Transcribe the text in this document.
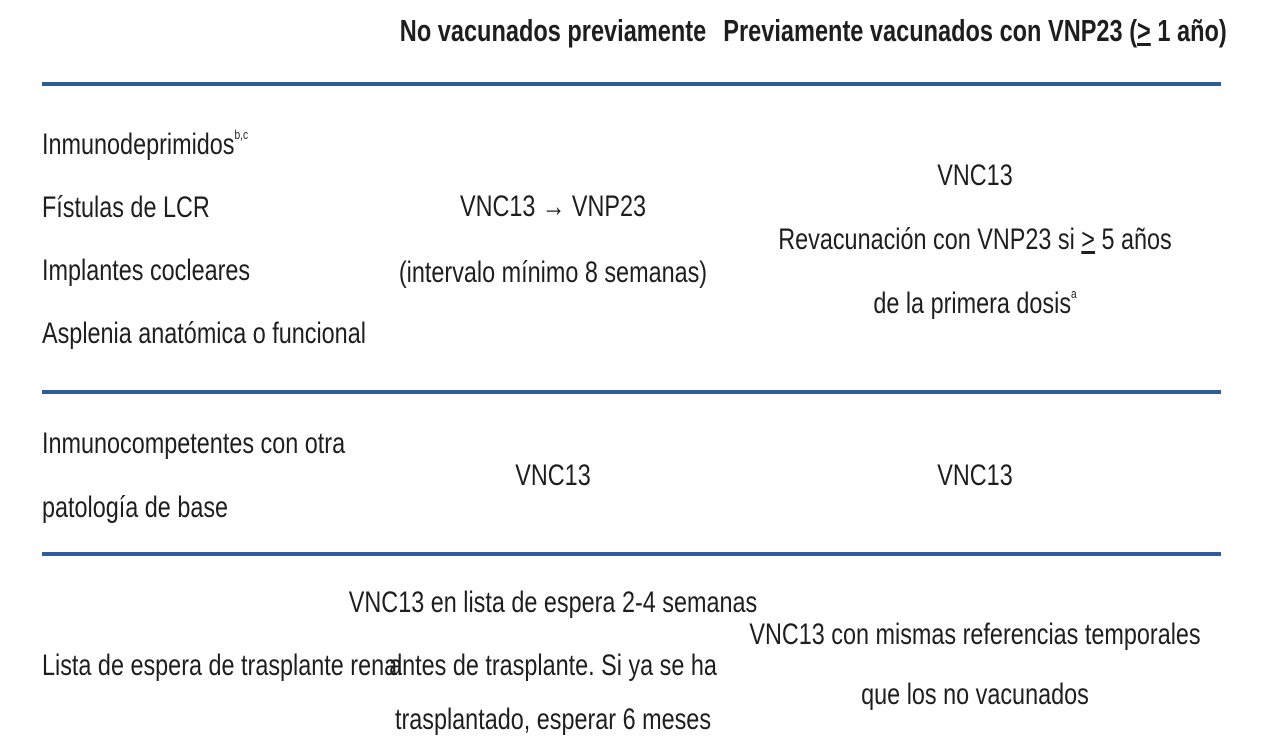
No vacunados previamente Previamente vacunados con VNP23 (≥ 1 año)
Inmunodeprimidos$^{b,c}$
Fístulas de LCR
Implantes cocleares
Asplenia anatómica o funcional
VNC13 → VNP23
(intervalo mínimo 8 semanas)
VNC13
Revacunación con VNP23 si ≥ 5 años
de la primera dosis$^a$
Inmunocompetentes con otra
patología de base
VNC13	VNC13
Lista de espera de trasplante renal
VNC13 en lista de espera 2-4 semanas
antes de trasplante. Si ya se ha
trasplantado, esperar 6 meses
VNC13 con mismas referencias temporales
que los no vacunados
